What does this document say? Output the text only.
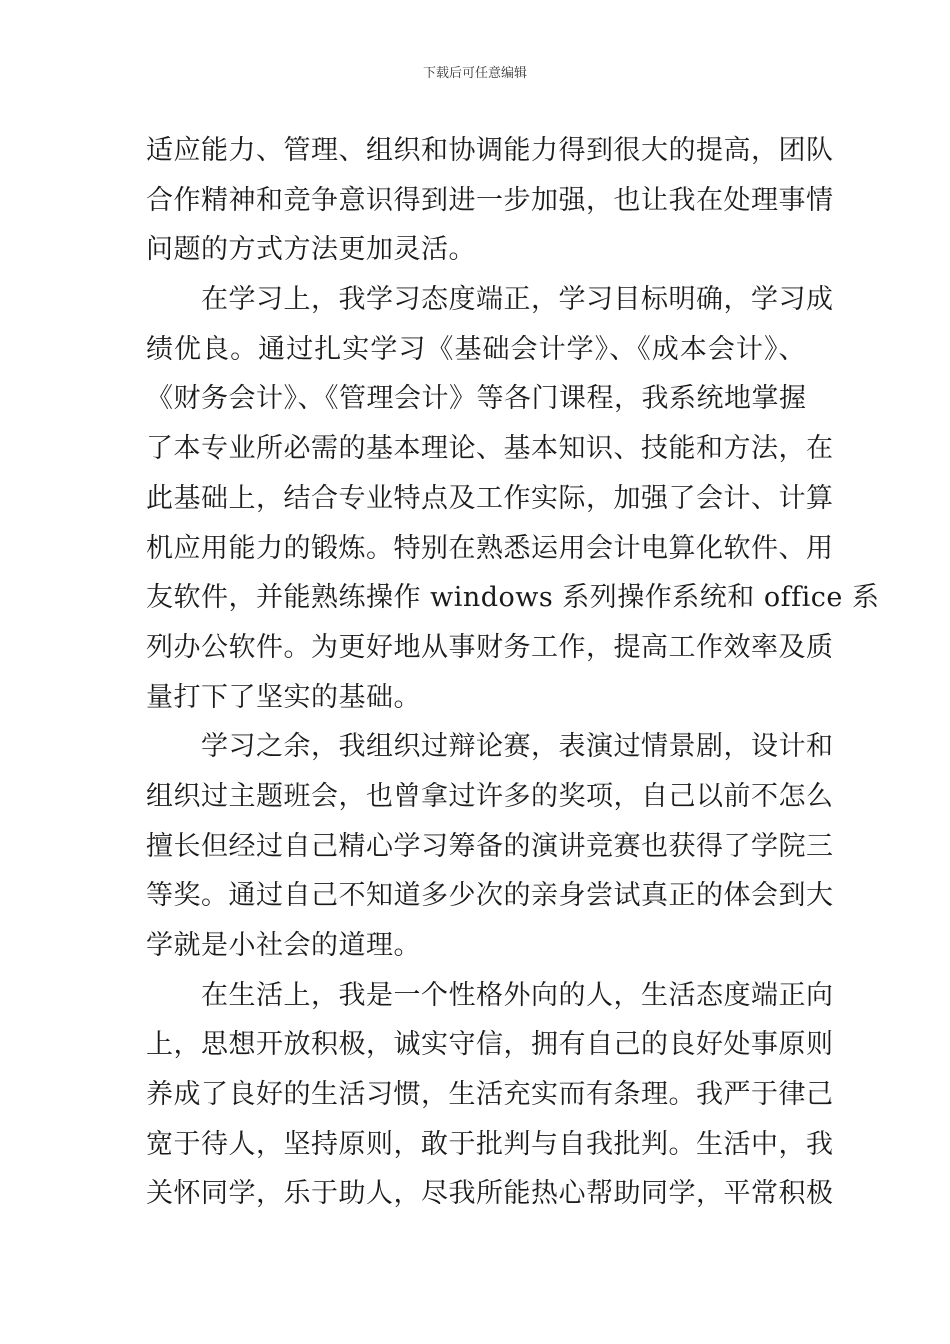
下载后可任意编辑
适应能力、管理、组织和协调能力得到很大的提高，团队
合作精神和竞争意识得到进一步加强，也让我在处理事情
问题的方式方法更加灵活。
在学习上，我学习态度端正，学习目标明确，学习成
绩优良。通过扎实学习《基础会计学》、《成本会计》、
《财务会计》、《管理会计》等各门课程，我系统地掌握
了本专业所必需的基本理论、基本知识、技能和方法，在
此基础上，结合专业特点及工作实际，加强了会计、计算
机应用能力的锻炼。特别在熟悉运用会计电算化软件、用
友软件，并能熟练操作 windows 系列操作系统和 office 系
列办公软件。为更好地从事财务工作，提高工作效率及质
量打下了坚实的基础。
学习之余，我组织过辩论赛，表演过情景剧，设计和
组织过主题班会，也曾拿过许多的奖项，自己以前不怎么
擅长但经过自己精心学习筹备的演讲竞赛也获得了学院三
等奖。通过自己不知道多少次的亲身尝试真正的体会到大
学就是小社会的道理。
在生活上，我是一个性格外向的人，生活态度端正向
上，思想开放积极，诚实守信，拥有自己的良好处事原则
养成了良好的生活习惯，生活充实而有条理。我严于律己
宽于待人，坚持原则，敢于批判与自我批判。生活中，我
关怀同学，乐于助人，尽我所能热心帮助同学，平常积极
